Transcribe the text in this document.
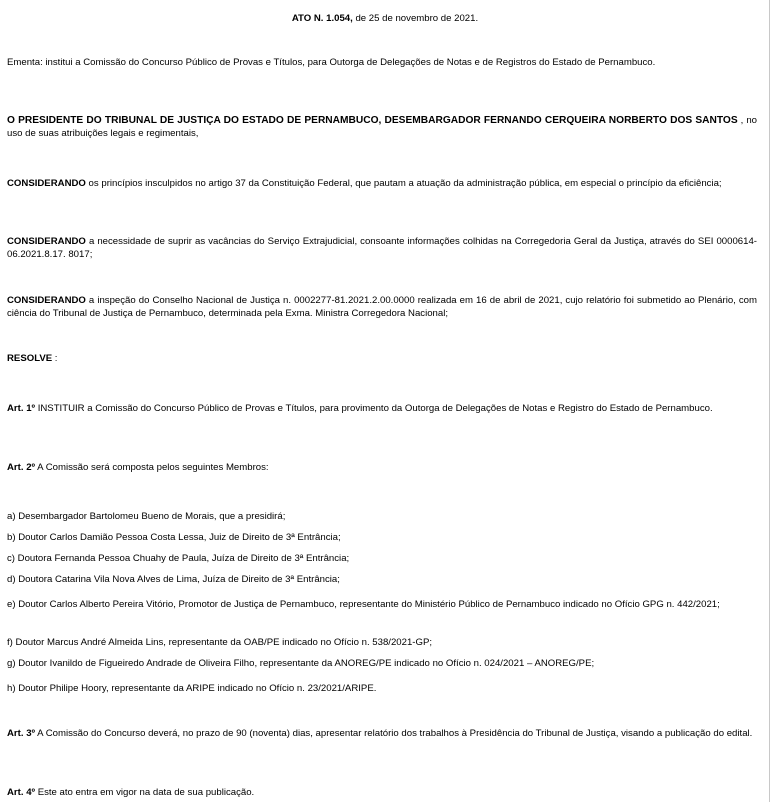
ATO N. 1.054, de 25 de novembro de 2021.

Ementa: institui a Comissão do Concurso Público de Provas e Títulos, para Outorga de Delegações de Notas e de Registros do Estado de Pernambuco.

O PRESIDENTE DO TRIBUNAL DE JUSTIÇA DO ESTADO DE PERNAMBUCO, DESEMBARGADOR FERNANDO CERQUEIRA NORBERTO DOS SANTOS , no uso de suas atribuições legais e regimentais,

CONSIDERANDO os princípios insculpidos no artigo 37 da Constituição Federal, que pautam a atuação da administração pública, em especial o princípio da eficiência;

CONSIDERANDO a necessidade de suprir as vacâncias do Serviço Extrajudicial, consoante informações colhidas na Corregedoria Geral da Justiça, através do SEI 0000614-06.2021.8.17. 8017;

CONSIDERANDO a inspeção do Conselho Nacional de Justiça n. 0002277-81.2021.2.00.0000 realizada em 16 de abril de 2021, cujo relatório foi submetido ao Plenário, com ciência do Tribunal de Justiça de Pernambuco, determinada pela Exma. Ministra Corregedora Nacional;

RESOLVE :

Art. 1º INSTITUIR a Comissão do Concurso Público de Provas e Títulos, para provimento da Outorga de Delegações de Notas e Registro do Estado de Pernambuco.

Art. 2º A Comissão será composta pelos seguintes Membros:

a) Desembargador Bartolomeu Bueno de Morais, que a presidirá;

b) Doutor Carlos Damião Pessoa Costa Lessa, Juiz de Direito de 3ª Entrância;

c) Doutora Fernanda Pessoa Chuahy de Paula, Juíza de Direito de 3ª Entrância;

d) Doutora Catarina Vila Nova Alves de Lima, Juíza de Direito de 3ª Entrância;

e) Doutor Carlos Alberto Pereira Vitório, Promotor de Justiça de Pernambuco, representante do Ministério Público de Pernambuco indicado no Ofício GPG n. 442/2021;

f) Doutor Marcus André Almeida Lins, representante da OAB/PE indicado no Ofício n. 538/2021-GP;

g) Doutor Ivanildo de Figueiredo Andrade de Oliveira Filho, representante da ANOREG/PE indicado no Ofício n. 024/2021 – ANOREG/PE;

h) Doutor Philipe Hoory, representante da ARIPE indicado no Ofício n. 23/2021/ARIPE.

Art. 3º A Comissão do Concurso deverá, no prazo de 90 (noventa) dias, apresentar relatório dos trabalhos à Presidência do Tribunal de Justiça, visando a publicação do edital.

Art. 4º Este ato entra em vigor na data de sua publicação.
